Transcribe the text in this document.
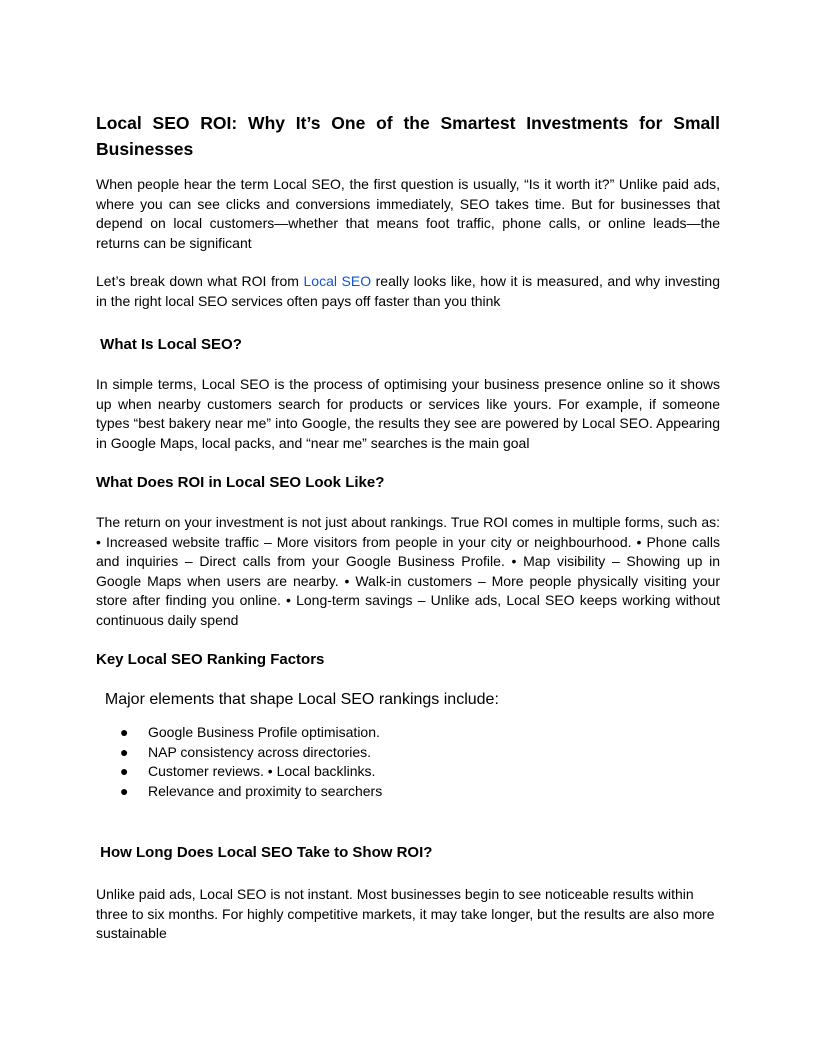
Local SEO ROI: Why It’s One of the Smartest Investments for Small Businesses

When people hear the term Local SEO, the first question is usually, “Is it worth it?” Unlike paid ads, where you can see clicks and conversions immediately, SEO takes time. But for businesses that depend on local customers—whether that means foot traffic, phone calls, or online leads—the returns can be significant

Let’s break down what ROI from Local SEO really looks like, how it is measured, and why investing in the right local SEO services often pays off faster than you think

What Is Local SEO?

In simple terms, Local SEO is the process of optimising your business presence online so it shows up when nearby customers search for products or services like yours. For example, if someone types “best bakery near me” into Google, the results they see are powered by Local SEO. Appearing in Google Maps, local packs, and “near me” searches is the main goal

What Does ROI in Local SEO Look Like?

The return on your investment is not just about rankings. True ROI comes in multiple forms, such as: • Increased website traffic – More visitors from people in your city or neighbourhood. • Phone calls and inquiries – Direct calls from your Google Business Profile. • Map visibility – Showing up in Google Maps when users are nearby. • Walk-in customers – More people physically visiting your store after finding you online. • Long-term savings – Unlike ads, Local SEO keeps working without continuous daily spend

Key Local SEO Ranking Factors

Major elements that shape Local SEO rankings include:

● Google Business Profile optimisation.
● NAP consistency across directories.
● Customer reviews. • Local backlinks.
● Relevance and proximity to searchers
How Long Does Local SEO Take to Show ROI?

Unlike paid ads, Local SEO is not instant. Most businesses begin to see noticeable results within three to six months. For highly competitive markets, it may take longer, but the results are also more sustainable
